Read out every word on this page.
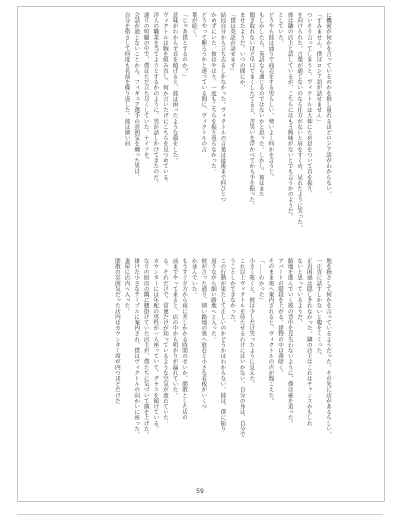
に機密が何かを言っているのかを推し量れるほどロシア語がわからない。
「すみません。僕はロシア語が話せません」
ついそう言ってしまうと、ヴィクトルは大仰にため息をついて首を振り、
を向けられた。言葉が通じないのなら仕方がないと肩をすくめ、呆れたように笑った。
彼は隣の店主と話しているが、こちらにはもう興味がないとでも言うかのようだ。
としていた。
どうやら彼は通りで商売をする男らしい。勢いよく何かを言うと、
もしかしたら、英語なら通じるのではないかと思った。しかし、彼はまた
聞き取れないほど早口でまくしたてると、苦笑いを浮かべてから手を振った。
ませたようだ。いつの間にか、
「僕は英語が話せます」
結局自分から立ち去るしかなかった。ヴィクトルの言葉は最後まで何ひとつ
かめずにいた。彼はやはり、一度もこちらを振り返らなかった。
どうやって断ろうかと迷っている間に、ヴィクトルの言
葉が続く。
「じゃあ僕とするのか？」
意味がわからず首を傾げると、彼は困ったような顔をした。
ヴィクトルは腕を組み直し、何か言いたげにこちらを見つめている。
洋人の職業を当てようとするかのように、男が話しかけてきたのだ。
通りの喧騒の中で、僕はただ立ち尽くしていた。ナイフを、
会話が通じないことから、フィギュア選手の雰囲気を纏った男は、
自分を指さして何度も名前を繰り返した。彼は細い肩
地を指さして何かを言っているようだった。その先に店があるらしい。
一正直に話すしかないと腹をくくった。
正直困惑は隠しきれなかった。隣の店主はこれはチャンスかもしれ
ないと思っているようだ。
路地を進んでいく彼の背中を見失わないように、僕は後を追った。
アパートの階段を上がる。建物の中は薄暗く、
そのまま奥へ案内されると、ヴィクトルの声が聞こえた。
「……わかった」
小さく呟くと、彼は少しだけ笑ったように見えた。
これ以上ヴィクトルを待たせるわけにはいかない。自分の身は、自分で
うことしかできなかった。
この行動が果たして正しいのかどうかはわからない。彼は、僕に振り
返りながら細い路地へと入った。
彼が言った通り、細い路地の奥へ進むと小さな看板がいくつ
か並んでいた。
もうすぐ夕方から夜に差しかかる時間のせいか、閑散とした店の
前までやって来ると、店の中から明かりが漏れていた。
る。それだけで、常連だけが知っているような空気が流れていた。
カウンターには年配の男性が一人座っていて、グラスを傾けている。
なりの厨房の隅に腰掛けていた店主が、僕たちに気づいて顔を上げた。
掛けた小さなテーブルに案内され、僕はヴィクトルの向かいに座った。
妻屋に店内へ入った。
閑散の雰囲気だった店内はカウンター席が四つほどだけだ
59
